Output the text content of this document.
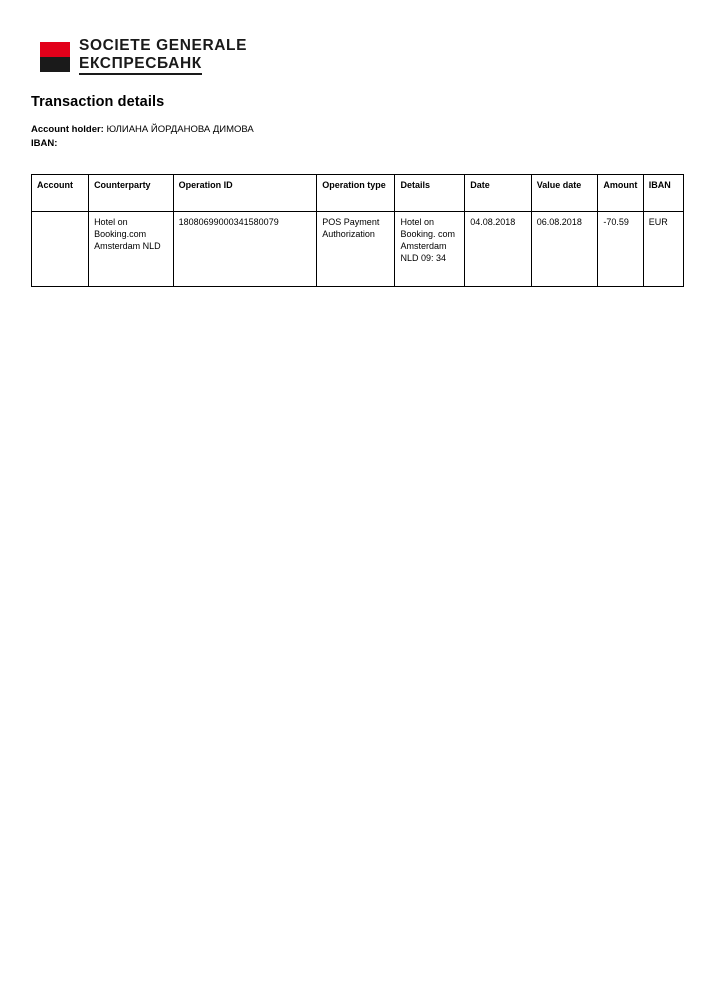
SOCIETE GENERALE
ЕКСПРЕСБАНК
Transaction details
Account holder: ЮЛИАНА ЙОРДАНОВА ДИМОВА
IBAN:
Account	Counterparty	Operation ID	Operation type	Details	Date	Value date	Amount	IBAN
	Hotel on Booking.com Amsterdam NLD	18080699000341580079	POS Payment Authorization	Hotel on Booking. com Amsterdam NLD 09: 34	04.08.2018	06.08.2018	-70.59	EUR
